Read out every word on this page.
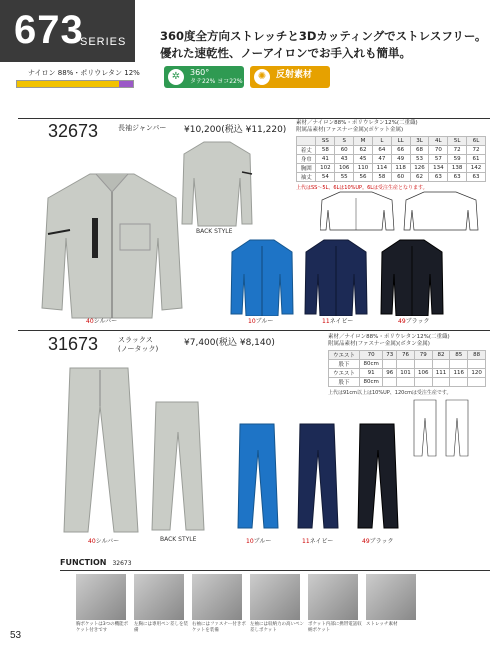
673
SERIES
ナイロン 88%・ポリウレタン 12%
360度全方向ストレッチと3Dカッティングでストレスフリー。
優れた速乾性、ノーアイロンでお手入れも簡単。
✲	360°
タテ22% ヨコ22%	✺	反射素材
32673	長袖ジャンパー ¥10,200(税込 ¥11,220)
素材／ナイロン88%・ポリウレタン12%(二重織)
附属品素材(ファスナー金属)(ポケット金属)
	SS	S	M	L	LL	3L	4L	5L	6L
着丈	58	60	62	64	66	68	70	72	72
身巾	41	43	45	47	49	53	57	59	61
胸囲	102	106	110	114	118	126	134	138	142
袖丈	54	55	56	58	60	62	63	63	63
上代はSS〜5L、6Lは10%UP。6Lは受注生産となります。
BACK STYLE
40シルバー	10ブルー	11ネイビー	49ブラック
31673	スラックス
(ノータック)
¥7,400(税込 ¥8,140)
素材／ナイロン88%・ポリウレタン12%(二重織)
附属品素材(ファスナー金属)(ボタン金属)
ウエスト	70	73	76	79	82	85	88
股下	80cm						
ウエスト	91	96	101	106	111	116	120
股下	80cm						
上代は91cm以上は10%UP、120cmは受注生産です。
BACK STYLE
40シルバー	10ブルー	11ネイビー	49ブラック
FUNCTION 32673
胸ポケットは3つの機能ポケット付きです
左胸には専用ペン差しを装備
右袖にはファスナー付きポケットを装備
左袖には収納力の高いペン差しポケット
ポケット内部に携帯電話収納ポケット
ストレッチ素材
53
